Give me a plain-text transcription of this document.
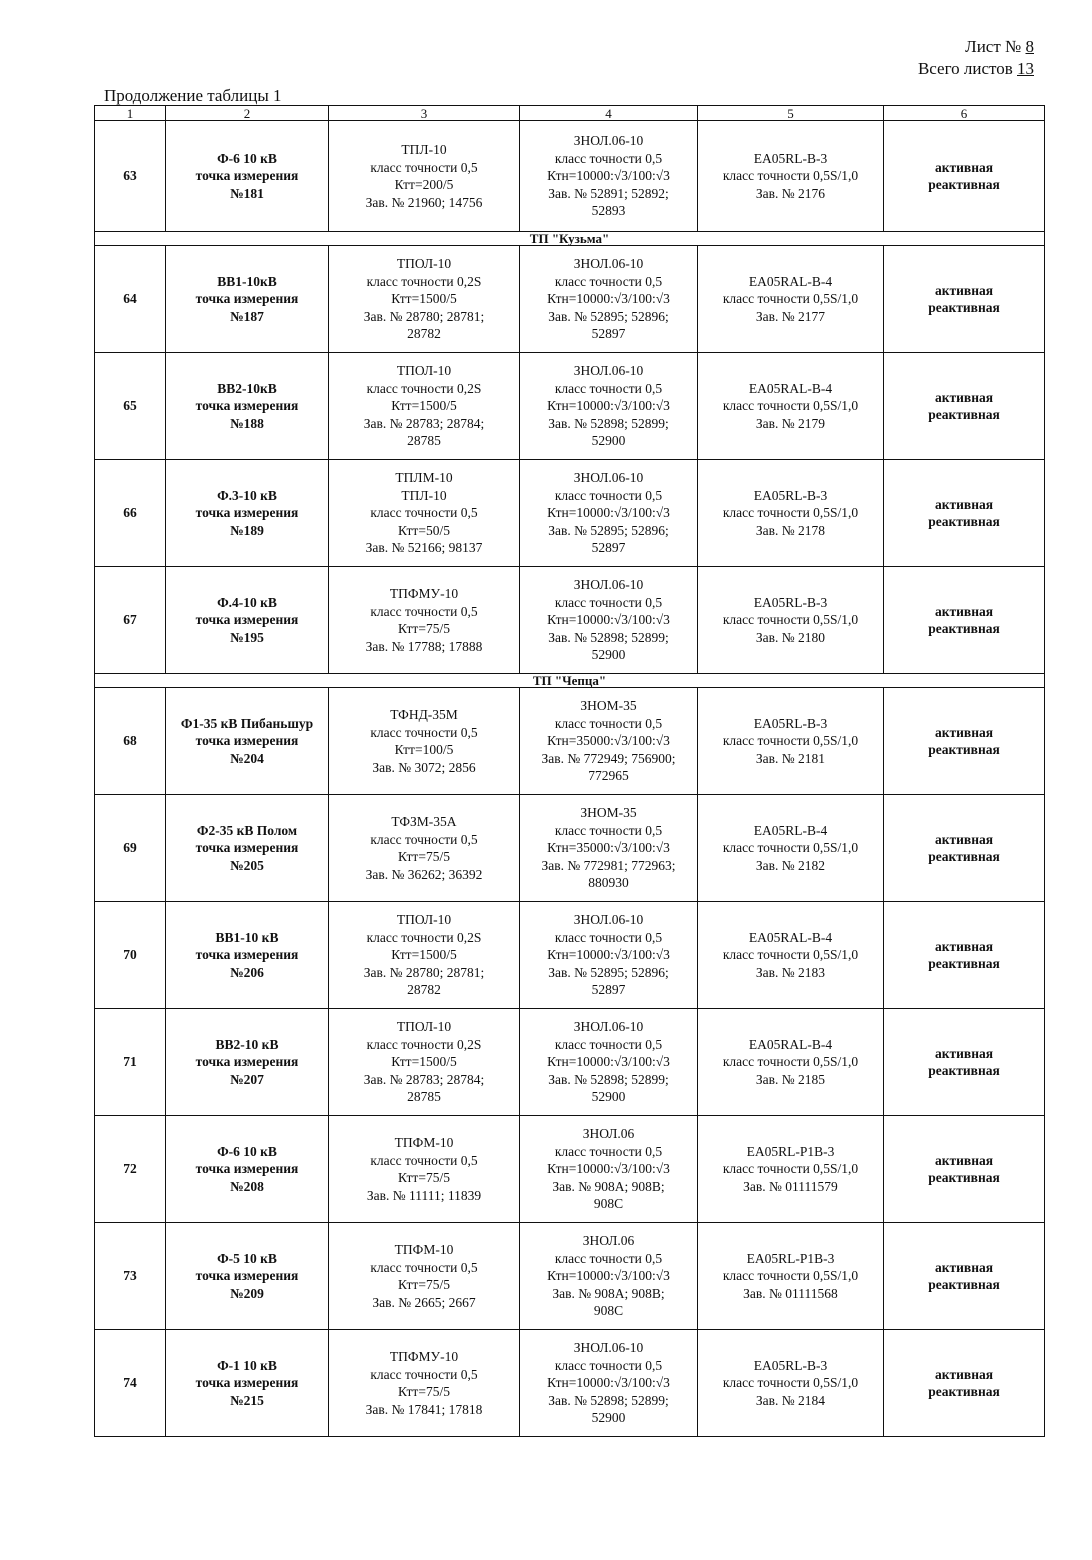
Лист № 8
Всего листов 13
Продолжение таблицы 1
1	2	3	4	5	6
63	Ф-6 10 кВ
точка измерения
№181	ТПЛ-10
класс точности 0,5
Ктт=200/5
Зав. № 21960; 14756	ЗНОЛ.06-10
класс точности 0,5
Ктн=10000:√3/100:√3
Зав. № 52891; 52892;
52893	EA05RL-B-3
класс точности 0,5S/1,0
Зав. № 2176	активная
реактивная

ТП "Кузьма"					
64	ВВ1-10кВ
точка измерения
№187	ТПОЛ-10
класс точности 0,2S
Ктт=1500/5
Зав. № 28780; 28781;
28782	ЗНОЛ.06-10
класс точности 0,5
Ктн=10000:√3/100:√3
Зав. № 52895; 52896;
52897	EA05RAL-B-4
класс точности 0,5S/1,0
Зав. № 2177	активная
реактивная

65	ВВ2-10кВ
точка измерения
№188	ТПОЛ-10
класс точности 0,2S
Ктт=1500/5
Зав. № 28783; 28784;
28785	ЗНОЛ.06-10
класс точности 0,5
Ктн=10000:√3/100:√3
Зав. № 52898; 52899;
52900	EA05RAL-B-4
класс точности 0,5S/1,0
Зав. № 2179	активная
реактивная

66	Ф.3-10 кВ
точка измерения
№189	ТПЛМ-10
ТПЛ-10
класс точности 0,5
Ктт=50/5
Зав. № 52166; 98137	ЗНОЛ.06-10
класс точности 0,5
Ктн=10000:√3/100:√3
Зав. № 52895; 52896;
52897	EA05RL-B-3
класс точности 0,5S/1,0
Зав. № 2178	активная
реактивная

67	Ф.4-10 кВ
точка измерения
№195	ТПФМУ-10
класс точности 0,5
Ктт=75/5
Зав. № 17788; 17888	ЗНОЛ.06-10
класс точности 0,5
Ктн=10000:√3/100:√3
Зав. № 52898; 52899;
52900	EA05RL-B-3
класс точности 0,5S/1,0
Зав. № 2180	активная
реактивная

ТП "Чепца"					
68	Ф1-35 кВ Пибаньшур
точка измерения
№204	ТФНД-35М
класс точности 0,5
Ктт=100/5
Зав. № 3072; 2856	ЗНОМ-35
класс точности 0,5
Ктн=35000:√3/100:√3
Зав. № 772949; 756900;
772965	EA05RL-B-3
класс точности 0,5S/1,0
Зав. № 2181	активная
реактивная

69	Ф2-35 кВ Полом
точка измерения
№205	ТФЗМ-35А
класс точности 0,5
Ктт=75/5
Зав. № 36262; 36392	ЗНОМ-35
класс точности 0,5
Ктн=35000:√3/100:√3
Зав. № 772981; 772963;
880930	EA05RL-B-4
класс точности 0,5S/1,0
Зав. № 2182	активная
реактивная

70	ВВ1-10 кВ
точка измерения
№206	ТПОЛ-10
класс точности 0,2S
Ктт=1500/5
Зав. № 28780; 28781;
28782	ЗНОЛ.06-10
класс точности 0,5
Ктн=10000:√3/100:√3
Зав. № 52895; 52896;
52897	EA05RAL-B-4
класс точности 0,5S/1,0
Зав. № 2183	активная
реактивная

71	ВВ2-10 кВ
точка измерения
№207	ТПОЛ-10
класс точности 0,2S
Ктт=1500/5
Зав. № 28783; 28784;
28785	ЗНОЛ.06-10
класс точности 0,5
Ктн=10000:√3/100:√3
Зав. № 52898; 52899;
52900	EA05RAL-B-4
класс точности 0,5S/1,0
Зав. № 2185	активная
реактивная

72	Ф-6 10 кВ
точка измерения
№208	ТПФМ-10
класс точности 0,5
Ктт=75/5
Зав. № 11111; 11839	ЗНОЛ.06
класс точности 0,5
Ктн=10000:√3/100:√3
Зав. № 908А; 908В;
908С	EA05RL-P1B-3
класс точности 0,5S/1,0
Зав. № 01111579	активная
реактивная

73	Ф-5 10 кВ
точка измерения
№209	ТПФМ-10
класс точности 0,5
Ктт=75/5
Зав. № 2665; 2667	ЗНОЛ.06
класс точности 0,5
Ктн=10000:√3/100:√3
Зав. № 908А; 908В;
908С	EA05RL-P1B-3
класс точности 0,5S/1,0
Зав. № 01111568	активная
реактивная

74	Ф-1 10 кВ
точка измерения
№215	ТПФМУ-10
класс точности 0,5
Ктт=75/5
Зав. № 17841; 17818	ЗНОЛ.06-10
класс точности 0,5
Ктн=10000:√3/100:√3
Зав. № 52898; 52899;
52900	EA05RL-B-3
класс точности 0,5S/1,0
Зав. № 2184	активная
реактивная
